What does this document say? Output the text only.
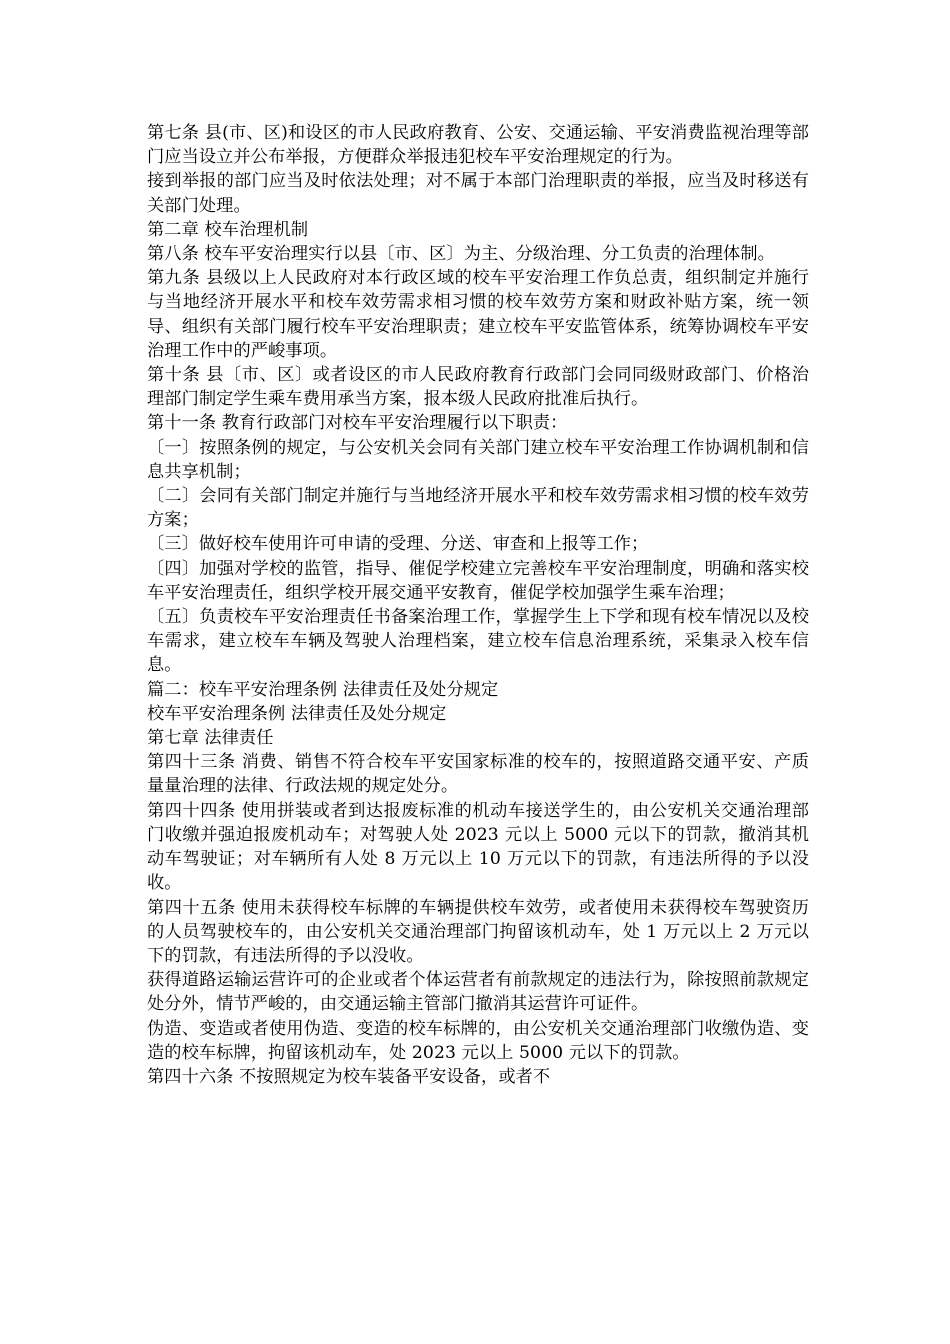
第七条 县(市、区)和设区的市人民政府教育、公安、交通运输、平安消费监视治理等部门应当设立并公布举报，方便群众举报违犯校车平安治理规定的行为。

接到举报的部门应当及时依法处理；对不属于本部门治理职责的举报，应当及时移送有关部门处理。

第二章 校车治理机制

第八条 校车平安治理实行以县〔市、区〕为主、分级治理、分工负责的治理体制。

第九条 县级以上人民政府对本行政区域的校车平安治理工作负总责，组织制定并施行与当地经济开展水平和校车效劳需求相习惯的校车效劳方案和财政补贴方案，统一领导、组织有关部门履行校车平安治理职责；建立校车平安监管体系，统筹协调校车平安治理工作中的严峻事项。

第十条 县〔市、区〕或者设区的市人民政府教育行政部门会同同级财政部门、价格治理部门制定学生乘车费用承当方案，报本级人民政府批准后执行。

第十一条 教育行政部门对校车平安治理履行以下职责：

〔一〕按照条例的规定，与公安机关会同有关部门建立校车平安治理工作协调机制和信息共享机制；

〔二〕会同有关部门制定并施行与当地经济开展水平和校车效劳需求相习惯的校车效劳方案；

〔三〕做好校车使用许可申请的受理、分送、审查和上报等工作；

〔四〕加强对学校的监管，指导、催促学校建立完善校车平安治理制度，明确和落实校车平安治理责任，组织学校开展交通平安教育，催促学校加强学生乘车治理；

〔五〕负责校车平安治理责任书备案治理工作，掌握学生上下学和现有校车情况以及校车需求，建立校车车辆及驾驶人治理档案，建立校车信息治理系统，采集录入校车信息。

篇二：校车平安治理条例 法律责任及处分规定

校车平安治理条例 法律责任及处分规定

第七章 法律责任

第四十三条 消费、销售不符合校车平安国家标准的校车的，按照道路交通平安、产质量量治理的法律、行政法规的规定处分。

第四十四条 使用拼装或者到达报废标准的机动车接送学生的，由公安机关交通治理部门收缴并强迫报废机动车；对驾驶人处 2023 元以上 5000 元以下的罚款，撤消其机动车驾驶证；对车辆所有人处 8 万元以上 10 万元以下的罚款，有违法所得的予以没收。

第四十五条 使用未获得校车标牌的车辆提供校车效劳，或者使用未获得校车驾驶资历的人员驾驶校车的，由公安机关交通治理部门拘留该机动车，处 1 万元以上 2 万元以下的罚款，有违法所得的予以没收。

获得道路运输运营许可的企业或者个体运营者有前款规定的违法行为，除按照前款规定处分外，情节严峻的，由交通运输主管部门撤消其运营许可证件。

伪造、变造或者使用伪造、变造的校车标牌的，由公安机关交通治理部门收缴伪造、变造的校车标牌，拘留该机动车，处 2023 元以上 5000 元以下的罚款。

第四十六条 不按照规定为校车装备平安设备，或者不
